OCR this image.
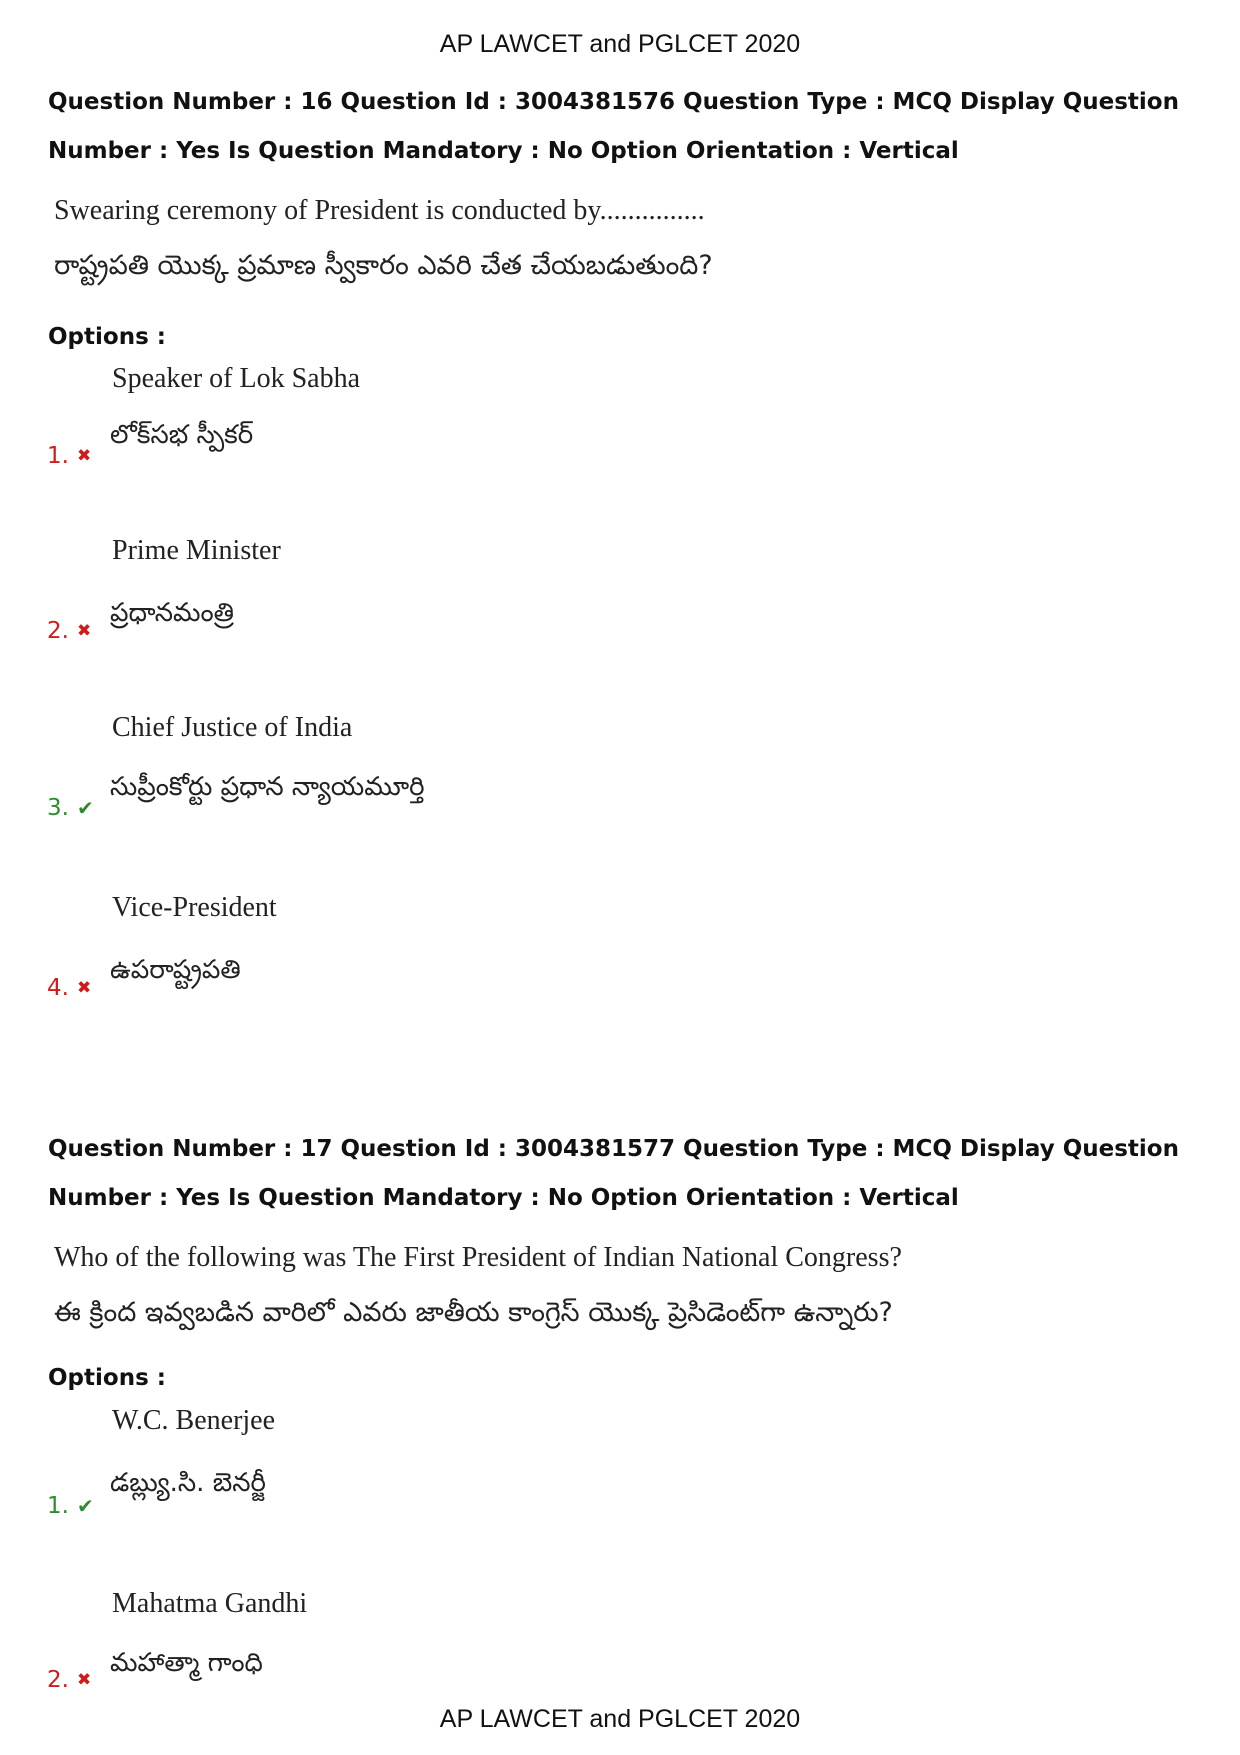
AP LAWCET and PGLCET 2020
Question Number : 16 Question Id : 3004381576 Question Type : MCQ Display Question
Number : Yes Is Question Mandatory : No Option Orientation : Vertical
Swearing ceremony of President is conducted by...............
రాష్ట్రపతి యొక్క ప్రమాణ స్వీకారం ఎవరి చేత చేయబడుతుంది?
Options :
Speaker of Lok Sabha
1. ✖
లోక్‌సభ స్పీకర్
Prime Minister
2. ✖
ప్రధానమంత్రి
Chief Justice of India
3. ✔
సుప్రీంకోర్టు ప్రధాన న్యాయమూర్తి
Vice-President
4. ✖
ఉపరాష్ట్రపతి
Question Number : 17 Question Id : 3004381577 Question Type : MCQ Display Question
Number : Yes Is Question Mandatory : No Option Orientation : Vertical
Who of the following was The First President of Indian National Congress?
ఈ క్రింద ఇవ్వబడిన వారిలో ఎవరు జాతీయ కాంగ్రెస్ యొక్క ప్రెసిడెంట్‌గా ఉన్నారు?
Options :
W.C. Benerjee
1. ✔
డబ్ల్యు.సి. బెనర్జీ
Mahatma Gandhi
2. ✖
మహాత్మా గాంధి
AP LAWCET and PGLCET 2020
